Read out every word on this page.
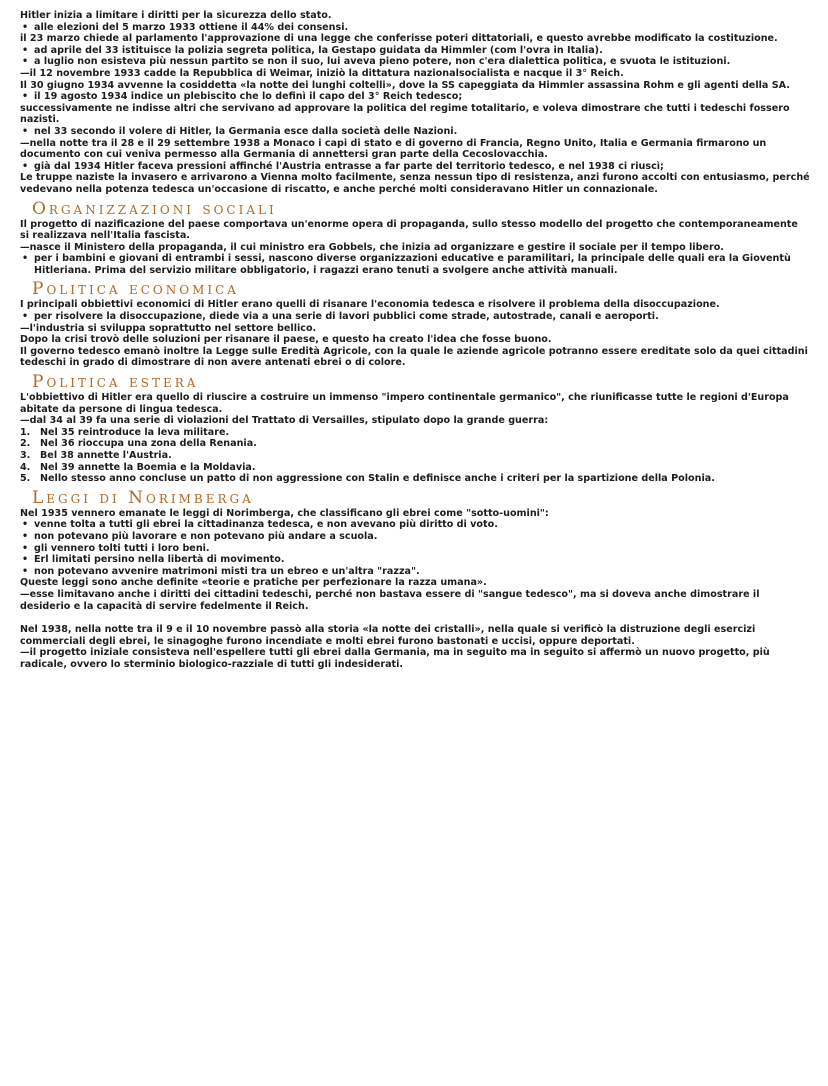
Hitler inizia a limitare i diritti per la sicurezza dello stato.
• alle elezioni del 5 marzo 1933 ottiene il 44% dei consensi.
il 23 marzo chiede al parlamento l'approvazione di una legge che conferisse poteri dittatoriali, e questo avrebbe modificato la costituzione.
• ad aprile del 33 istituisce la polizia segreta politica, la Gestapo guidata da Himmler (com l'ovra in Italia).
• a luglio non esisteva più nessun partito se non il suo, lui aveva pieno potere, non c'era dialettica politica, e svuota le istituzioni.
—il 12 novembre 1933 cadde la Repubblica di Weimar, iniziò la dittatura nazionalsocialista e nacque il 3° Reich.
Il 30 giugno 1934 avvenne la cosiddetta «la notte dei lunghi coltelli», dove la SS capeggiata da Himmler assassina Rohm e gli agenti della SA.
• il 19 agosto 1934 indice un plebiscito che lo definì il capo del 3° Reich tedesco;
successivamente ne indisse altri che servivano ad approvare la politica del regime totalitario, e voleva dimostrare che tutti i tedeschi fossero nazisti.
• nel 33 secondo il volere di Hitler, la Germania esce dalla società delle Nazioni.
—nella notte tra il 28 e il 29 settembre 1938 a Monaco i capi di stato e di governo di Francia, Regno Unito, Italia e Germania firmarono un documento con cui veniva permesso alla Germania di annettersi gran parte della Cecoslovacchia.
• già dal 1934 Hitler faceva pressioni affinché l'Austria entrasse a far parte del territorio tedesco, e nel 1938 ci riuscì;
Le truppe naziste la invasero e arrivarono a Vienna molto facilmente, senza nessun tipo di resistenza, anzi furono accolti con entusiasmo, perché vedevano nella potenza tedesca un'occasione di riscatto, e anche perché molti consideravano Hitler un connazionale.
Organizzazioni sociali
Il progetto di nazificazione del paese comportava un'enorme opera di propaganda, sullo stesso modello del progetto che contemporaneamente si realizzava nell'Italia fascista.
—nasce il Ministero della propaganda, il cui ministro era Gobbels, che inizia ad organizzare e gestire il sociale per il tempo libero.
• per i bambini e giovani di entrambi i sessi, nascono diverse organizzazioni educative e paramilitari, la principale delle quali era la Gioventù Hitleriana. Prima del servizio militare obbligatorio, i ragazzi erano tenuti a svolgere anche attività manuali.
Politica economica
I principali obbiettivi economici di Hitler erano quelli di risanare l'economia tedesca e risolvere il problema della disoccupazione.
• per risolvere la disoccupazione, diede via a una serie di lavori pubblici come strade, autostrade, canali e aeroporti.
—l'industria si sviluppa soprattutto nel settore bellico.
Dopo la crisi trovò delle soluzioni per risanare il paese, e questo ha creato l'idea che fosse buono.
Il governo tedesco emanò inoltre la Legge sulle Eredità Agricole, con la quale le aziende agricole potranno essere ereditate solo da quei cittadini tedeschi in grado di dimostrare di non avere antenati ebrei o di colore.
Politica estera
L'obbiettivo di Hitler era quello di riuscire a costruire un immenso "impero continentale germanico", che riunificasse tutte le regioni d'Europa abitate da persone di lingua tedesca.
—dal 34 al 39 fa una serie di violazioni del Trattato di Versailles, stipulato dopo la grande guerra:
1. Nel 35 reintroduce la leva militare.
2. Nel 36 rioccupa una zona della Renania.
3. Bel 38 annette l'Austria.
4. Nel 39 annette la Boemia e la Moldavia.
5. Nello stesso anno concluse un patto di non aggressione con Stalin e definisce anche i criteri per la spartizione della Polonia.
Leggi di Norimberga
Nel 1935 vennero emanate le leggi di Norimberga, che classificano gli ebrei come "sotto-uomini":
• venne tolta a tutti gli ebrei la cittadinanza tedesca, e non avevano più diritto di voto.
• non potevano più lavorare e non potevano più andare a scuola.
• gli vennero tolti tutti i loro beni.
• Erl limitati persino nella libertà di movimento.
• non potevano avvenire matrimoni misti tra un ebreo e un'altra "razza".
Queste leggi sono anche definite «teorie e pratiche per perfezionare la razza umana».
—esse limitavano anche i diritti dei cittadini tedeschi, perché non bastava essere di "sangue tedesco", ma si doveva anche dimostrare il desiderio e la capacità di servire fedelmente il Reich.
Nel 1938, nella notte tra il 9 e il 10 novembre passò alla storia «la notte dei cristalli», nella quale si verificò la distruzione degli esercizi commerciali degli ebrei, le sinagoghe furono incendiate e molti ebrei furono bastonati e uccisi, oppure deportati.
—il progetto iniziale consisteva nell'espellere tutti gli ebrei dalla Germania, ma in seguito ma in seguito si affermò un nuovo progetto, più radicale, ovvero lo sterminio biologico-razziale di tutti gli indesiderati.
